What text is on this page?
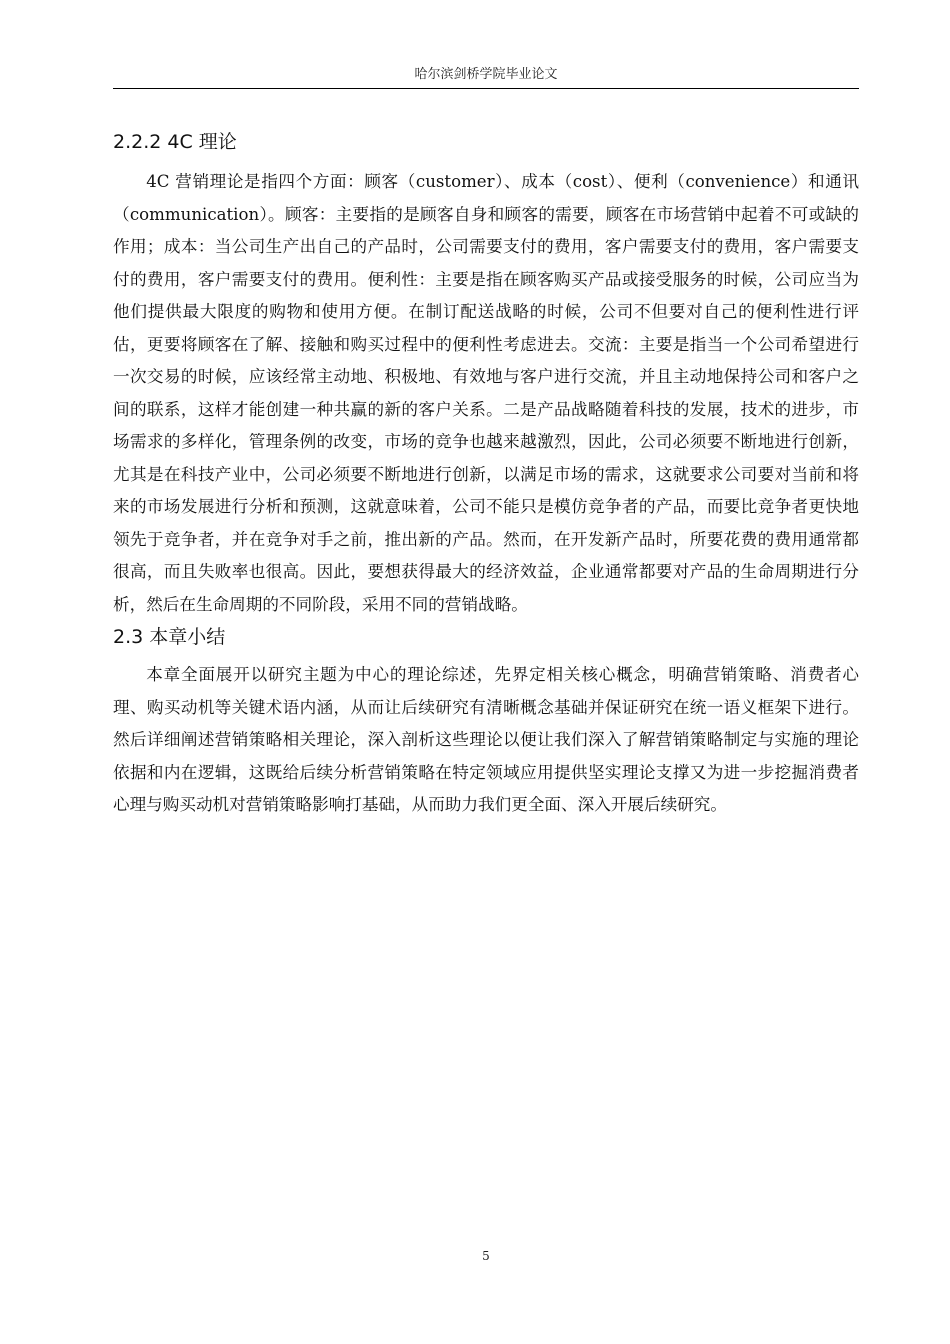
哈尔滨剑桥学院毕业论文
2.2.2 4C 理论

4C 营销理论是指四个方面：顾客（customer）、成本（cost）、便利（convenience）和通讯（communication）。顾客：主要指的是顾客自身和顾客的需要，顾客在市场营销中起着不可或缺的作用；成本：当公司生产出自己的产品时，公司需要支付的费用，客户需要支付的费用，客户需要支付的费用，客户需要支付的费用。便利性：主要是指在顾客购买产品或接受服务的时候，公司应当为他们提供最大限度的购物和使用方便。在制订配送战略的时候，公司不但要对自己的便利性进行评估，更要将顾客在了解、接触和购买过程中的便利性考虑进去。交流：主要是指当一个公司希望进行一次交易的时候，应该经常主动地、积极地、有效地与客户进行交流，并且主动地保持公司和客户之间的联系，这样才能创建一种共赢的新的客户关系。二是产品战略随着科技的发展，技术的进步，市场需求的多样化，管理条例的改变，市场的竞争也越来越激烈，因此，公司必须要不断地进行创新，尤其是在科技产业中，公司必须要不断地进行创新，以满足市场的需求，这就要求公司要对当前和将来的市场发展进行分析和预测，这就意味着，公司不能只是模仿竞争者的产品，而要比竞争者更快地领先于竞争者，并在竞争对手之前，推出新的产品。然而，在开发新产品时，所要花费的费用通常都很高，而且失败率也很高。因此，要想获得最大的经济效益，企业通常都要对产品的生命周期进行分析，然后在生命周期的不同阶段，采用不同的营销战略。

2.3 本章小结

本章全面展开以研究主题为中心的理论综述，先界定相关核心概念，明确营销策略、消费者心理、购买动机等关键术语内涵，从而让后续研究有清晰概念基础并保证研究在统一语义框架下进行。然后详细阐述营销策略相关理论，深入剖析这些理论以便让我们深入了解营销策略制定与实施的理论依据和内在逻辑，这既给后续分析营销策略在特定领域应用提供坚实理论支撑又为进一步挖掘消费者心理与购买动机对营销策略影响打基础，从而助力我们更全面、深入开展后续研究。

5
